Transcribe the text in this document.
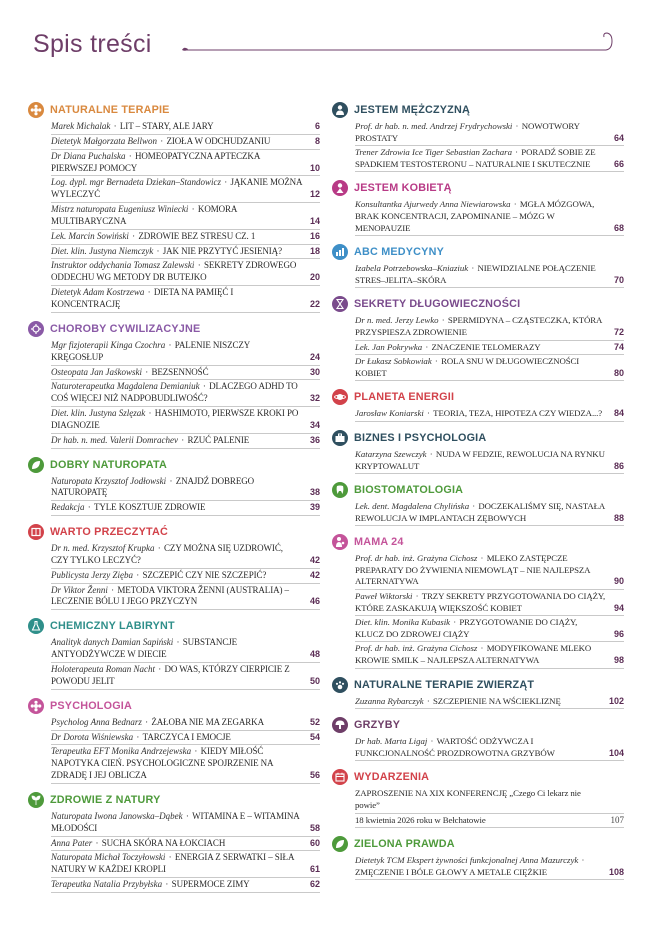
Spis treści
NATURALNE TERAPIE
Marek Michalak · LIT – STARY, ALE JARY	6
Dietetyk Małgorzata Bellwon · ZIOŁA W ODCHUDZANIU	8
Dr Diana Puchalska · HOMEOPATYCZNA APTECZKA PIERWSZEJ POMOCY	10
Log. dypl. mgr Bernadeta Dziekan–Standowicz · JĄKANIE MOŻNA WYLECZYĆ	12
Mistrz naturopata Eugeniusz Winiecki · KOMORA MULTIBARYCZNA	14
Lek. Marcin Sowiński · ZDROWIE BEZ STRESU CZ. 1	16
Diet. klin. Justyna Niemczyk · JAK NIE PRZYTYĆ JESIENIĄ?	18
Instruktor oddychania Tomasz Zalewski · SEKRETY ZDROWEGO ODDECHU WG METODY DR BUTEJKO	20
Dietetyk Adam Kostrzewa · DIETA NA PAMIĘĆ I KONCENTRACJĘ	22
CHOROBY CYWILIZACYJNE
Mgr fizjoterapii Kinga Czochra · PALENIE NISZCZY KRĘGOSŁUP	24
Osteopata Jan Jaśkowski · BEZSENNOŚĆ	30
Naturoterapeutka Magdalena Demianiuk · DLACZEGO ADHD TO COŚ WIĘCEJ NIŻ NADPOBUDLIWOŚĆ?	32
Diet. klin. Justyna Szlęzak · HASHIMOTO, PIERWSZE KROKI PO DIAGNOZIE	34
Dr hab. n. med. Valerii Domrachev · RZUĆ PALENIE	36
DOBRY NATUROPATA
Naturopata Krzysztof Jodłowski · ZNAJDŹ DOBREGO NATUROPATĘ	38
Redakcja · TYLE KOSZTUJE ZDROWIE	39
WARTO PRZECZYTAĆ
Dr n. med. Krzysztof Krupka · CZY MOŻNA SIĘ UZDROWIĆ, CZY TYLKO LECZYĆ?	42
Publicysta Jerzy Zięba · SZCZEPIĆ CZY NIE SZCZEPIĆ?	42
Dr Viktor Ženni · METODA VIKTORA ŽENNI (AUSTRALIA) – LECZENIE BÓLU I JEGO PRZYCZYN	46
CHEMICZNY LABIRYNT
Analityk danych Damian Sapiński · SUBSTANCJE ANTYODŻYWCZE W DIECIE	48
Holoterapeuta Roman Nacht · DO WAS, KTÓRZY CIERPICIE Z POWODU JELIT	50
PSYCHOLOGIA
Psycholog Anna Bednarz · ŻAŁOBA NIE MA ZEGARKA	52
Dr Dorota Wiśniewska · TARCZYCA I EMOCJE	54
Terapeutka EFT Monika Andrzejewska · KIEDY MIŁOŚĆ NAPOTYKA CIEŃ. PSYCHOLOGICZNE SPOJRZENIE NA ZDRADĘ I JEJ OBLICZA	56
ZDROWIE Z NATURY
Naturopata Iwona Janowska–Dąbek · WITAMINA E – WITAMINA MŁODOŚCI	58
Anna Pater · SUCHA SKÓRA NA ŁOKCIACH	60
Naturopata Michał Toczyłowski · ENERGIA Z SERWATKI – SIŁA NATURY W KAŻDEJ KROPLI	61
Terapeutka Natalia Przybyłska · SUPERMOCE ZIMY	62
JESTEM MĘŻCZYZNĄ
Prof. dr hab. n. med. Andrzej Frydrychowski · NOWOTWORY PROSTATY	64
Trener Zdrowia Ice Tiger Sebastian Zachara · PORADŹ SOBIE ZE SPADKIEM TESTOSTERONU – NATURALNIE I SKUTECZNIE	66
JESTEM KOBIETĄ
Konsultantka Ajurwedy Anna Niewiarowska · MGŁA MÓZGOWA, BRAK KONCENTRACJI, ZAPOMINANIE – MÓZG W MENOPAUZIE	68
ABC MEDYCYNY
Izabela Potrzebowska–Kniaziuk · NIEWIDZIALNE POŁĄCZENIE STRES–JELITA–SKÓRA	70
SEKRETY DŁUGOWIECZNOŚCI
Dr n. med. Jerzy Lewko · SPERMIDYNA – CZĄSTECZKA, KTÓRA PRZYSPIESZA ZDROWIENIE	72
Lek. Jan Pokrywka · ZNACZENIE TELOMERAZY	74
Dr Łukasz Sobkowiak · ROLA SNU W DŁUGOWIECZNOŚCI KOBIET	80
PLANETA ENERGII
Jarosław Koniarski · TEORIA, TEZA, HIPOTEZA CZY WIEDZA...?	84
BIZNES I PSYCHOLOGIA
Katarzyna Szewczyk · NUDA W FEDZIE, REWOLUCJA NA RYNKU KRYPTOWALUT	86
BIOSTOMATOLOGIA
Lek. dent. Magdalena Chylińska · DOCZEKALIŚMY SIĘ, NASTAŁA REWOLUCJA W IMPLANTACH ZĘBOWYCH	88
MAMA 24
Prof. dr hab. inż. Grażyna Cichosz · MLEKO ZASTĘPCZE PREPARATY DO ŻYWIENIA NIEMOWLĄT – NIE NAJLEPSZA ALTERNATYWA	90
Paweł Wiktorski · TRZY SEKRETY PRZYGOTOWANIA DO CIĄŻY, KTÓRE ZASKAKUJĄ WIĘKSZOŚĆ KOBIET	94
Diet. klin. Monika Kubasik · PRZYGOTOWANIE DO CIĄŻY, KLUCZ DO ZDROWEJ CIĄŻY	96
Prof. dr hab. inż. Grażyna Cichosz · MODYFIKOWANE MLEKO KROWIE SMILK – NAJLEPSZA ALTERNATYWA	98
NATURALNE TERAPIE ZWIERZĄT
Zuzanna Rybarczyk · SZCZEPIENIE NA WŚCIEKLIZNĘ	102
GRZYBY
Dr hab. Marta Ligaj · WARTOŚĆ ODŻYWCZA I FUNKCJONALNOŚĆ PROZDROWOTNA GRZYBÓW	104
WYDARZENIA
ZAPROSZENIE NA XIX KONFERENCJĘ „Czego Ci lekarz nie powie”
18 kwietnia 2026 roku w Bełchatowie	107
ZIELONA PRAWDA
Dietetyk TCM Ekspert żywności funkcjonalnej Anna Mazurczyk · ZMĘCZENIE I BÓLE GŁOWY A METALE CIĘŻKIE	108
